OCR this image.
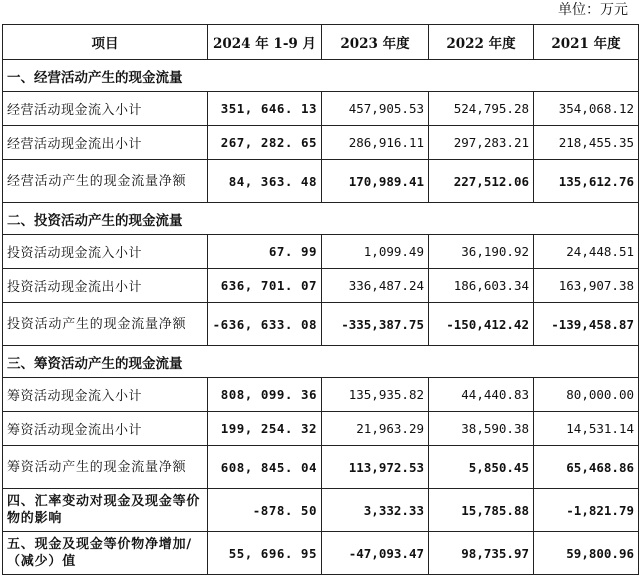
单位：万元
项目	2024 年 1-9 月	2023 年度	2022 年度	2021 年度
一、经营活动产生的现金流量				
经营活动现金流入小计	351, 646. 13	457,905.53	524,795.28	354,068.12
经营活动现金流出小计	267, 282. 65	286,916.11	297,283.21	218,455.35
经营活动产生的现金流量净额	84, 363. 48	170,989.41	227,512.06	135,612.76
二、投资活动产生的现金流量				
投资活动现金流入小计	67. 99	1,099.49	36,190.92	24,448.51
投资活动现金流出小计	636, 701. 07	336,487.24	186,603.34	163,907.38
投资活动产生的现金流量净额	-636, 633. 08	-335,387.75	-150,412.42	-139,458.87
三、筹资活动产生的现金流量				
筹资活动现金流入小计	808, 099. 36	135,935.82	44,440.83	80,000.00
筹资活动现金流出小计	199, 254. 32	21,963.29	38,590.38	14,531.14
筹资活动产生的现金流量净额	608, 845. 04	113,972.53	5,850.45	65,468.86
四、汇率变动对现金及现金等价物的影响	-878. 50	3,332.33	15,785.88	-1,821.79
五、现金及现金等价物净增加/（减少）值	55, 696. 95	-47,093.47	98,735.97	59,800.96
